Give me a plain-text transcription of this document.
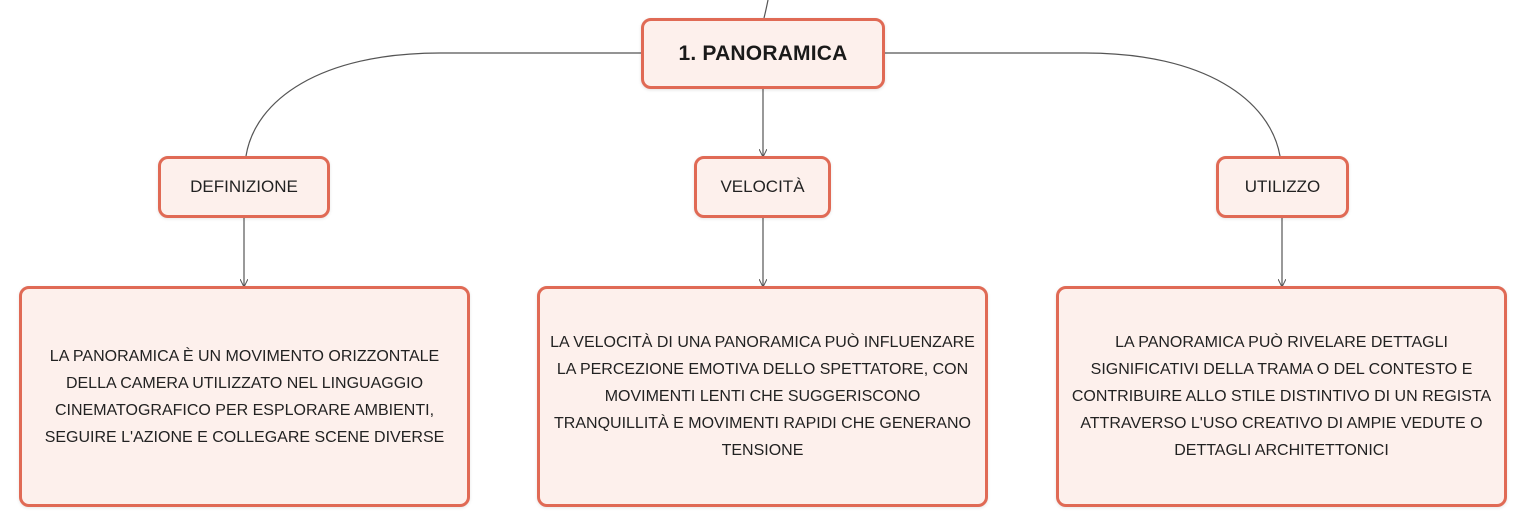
1. PANORAMICA
DEFINIZIONE	VELOCITÀ	UTILIZZO
LA PANORAMICA È UN MOVIMENTO ORIZZONTALE DELLA CAMERA UTILIZZATO NEL LINGUAGGIO CINEMATOGRAFICO PER ESPLORARE AMBIENTI, SEGUIRE L'AZIONE E COLLEGARE SCENE DIVERSE
LA VELOCITÀ DI UNA PANORAMICA PUÒ INFLUENZARE LA PERCEZIONE EMOTIVA DELLO SPETTATORE, CON MOVIMENTI LENTI CHE SUGGERISCONO TRANQUILLITÀ E MOVIMENTI RAPIDI CHE GENERANO TENSIONE
LA PANORAMICA PUÒ RIVELARE DETTAGLI SIGNIFICATIVI DELLA TRAMA O DEL CONTESTO E CONTRIBUIRE ALLO STILE DISTINTIVO DI UN REGISTA ATTRAVERSO L'USO CREATIVO DI AMPIE VEDUTE O DETTAGLI ARCHITETTONICI
